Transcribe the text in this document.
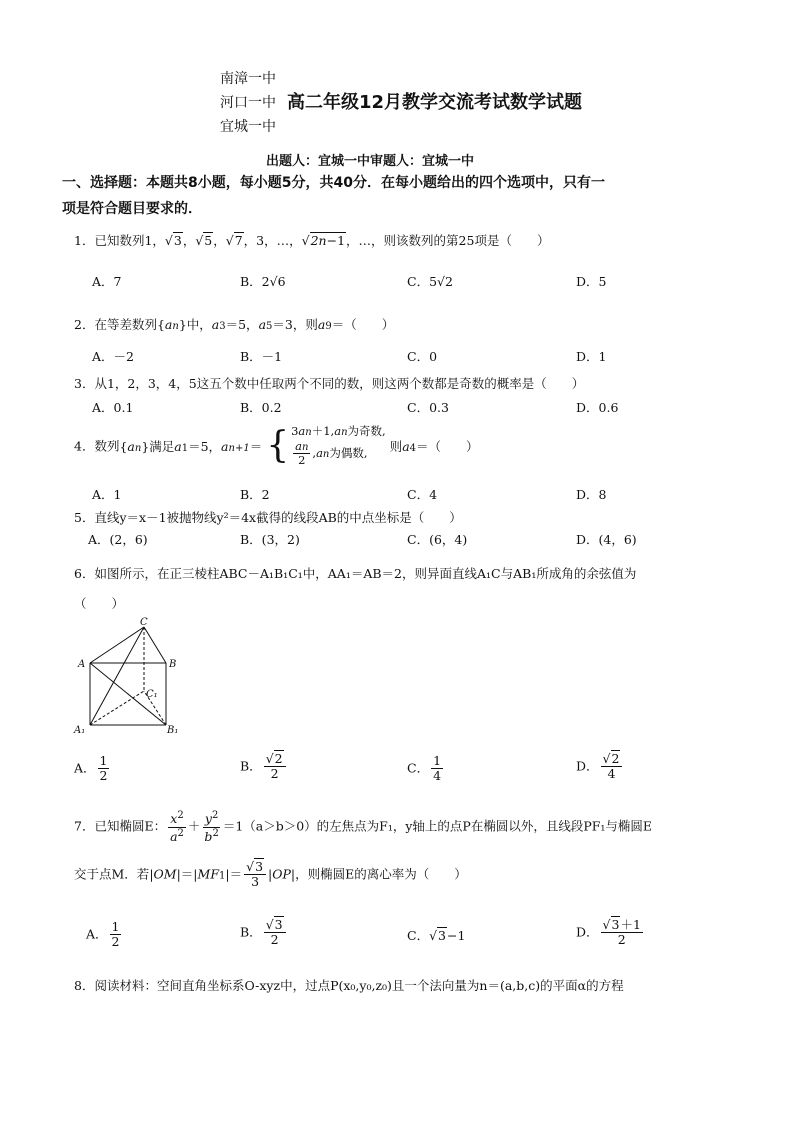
南漳一中
河口一中
宜城一中
高二年级12月教学交流考试数学试题
出题人：宜城一中审题人：宜城一中
一、选择题：本题共8小题，每小题5分，共40分．在每小题给出的四个选项中，只有一
项是符合题目要求的．
1．已知数列1，√3，√5，√7，3，…，√2n−1，…，则该数列的第25项是（　　）
A．7	B．2√6	C．5√2	D．5
2．在等差数列{an}中，a3＝5，a5＝3，则a9＝（　　）
A．－2	B．－1	C．0	D．1
3．从1，2，3，4，5这五个数中任取两个不同的数，则这两个数都是奇数的概率是（　　）
A．0.1	B．0.2	C．0.3	D．0.6
4．数列{an}满足a1＝5，an+1＝ { 3an＋1,an为奇数,
$\frac{an}{2} ,an$为偶数,	则a4＝（　　）
A．1	B．2	C．4	D．8
5．直线y＝x－1被抛物线y²＝4x截得的线段AB的中点坐标是（　　）
A．(2，6)	B．(3，2)	C．(6，4)	D．(4，6)
6．如图所示，在正三棱柱ABC－A₁B₁C₁中，AA₁＝AB＝2，则异面直线A₁C与AB₁所成角的余弦值为
（　　）
C
A	B
C₁
A₁	B₁
A． $\frac{1}{2}$	B． $\frac{√2}{2}$	C． $\frac{1}{4}$	D． $\frac{√2}{4}$
7．已知椭圆E： $\frac{x^2}{a^2} + \frac{y^2}{b^2} =1(a>b>0)$的左焦点为F₁，y轴上的点P在椭圆以外，且线段PF₁与椭圆E
交于点M．若$|OM|=|MF1|= \frac{√3}{3} |OP|$，则椭圆E的离心率为（　　）
A． $\frac{1}{2}$	B． $\frac{√3}{2}$	C．√3−1	D． $\frac{√3+1}{2}$
8．阅读材料：空间直角坐标系O-xyz中，过点P(x₀,y₀,z₀)且一个法向量为n＝(a,b,c)的平面α的方程
